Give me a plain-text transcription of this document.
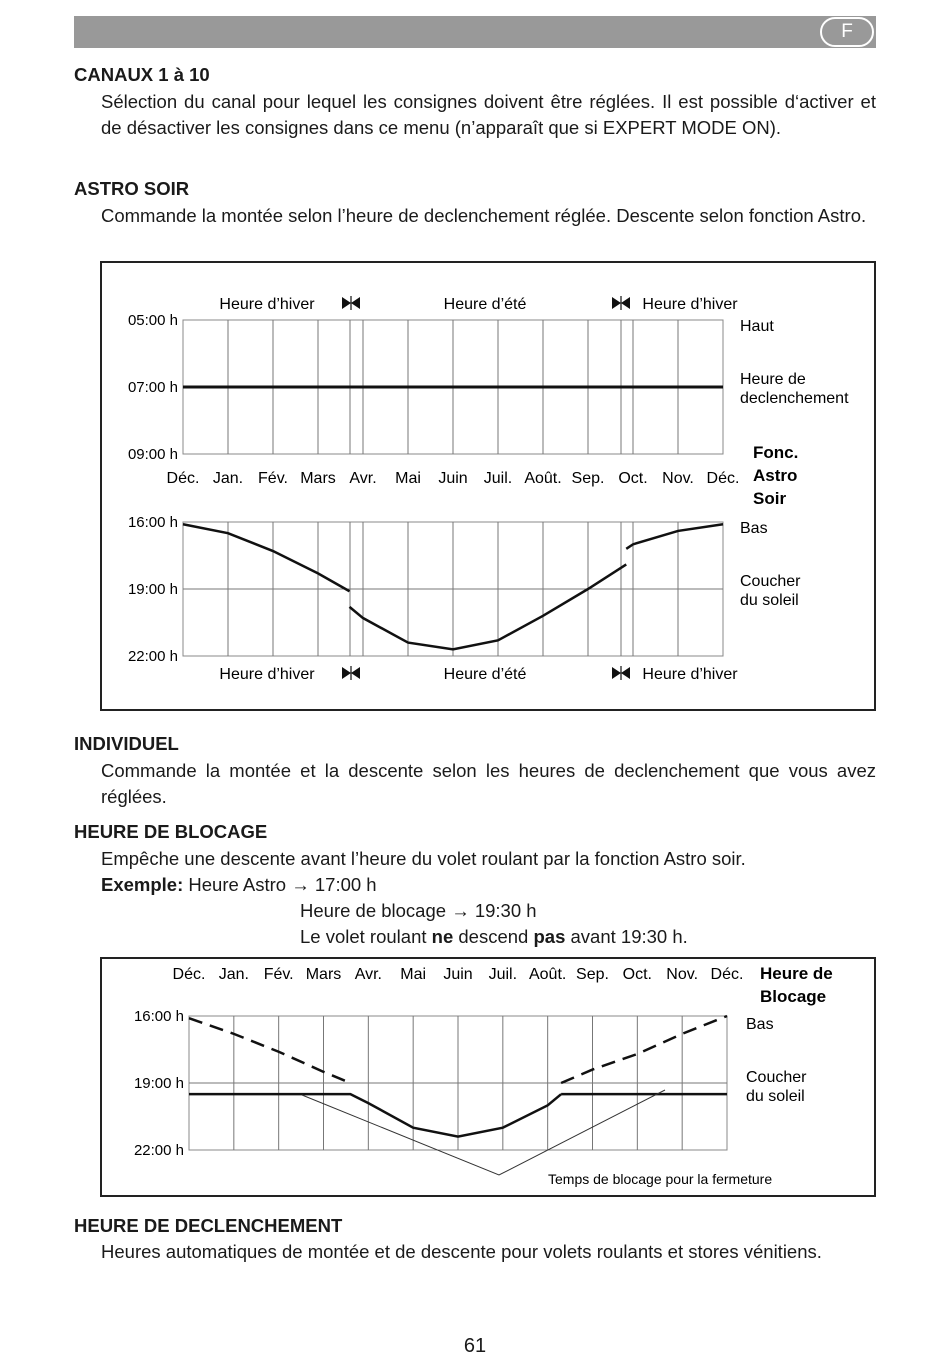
F

CANAUX 1 à 10

Sélection du canal pour lequel les consignes doivent être réglées. Il est possible d‘activer et de désactiver les consignes dans ce menu (n’apparaît que si EXPERT MODE ON).

ASTRO SOIR

Commande la montée selon l’heure de declenchement réglée. Descente selon fonction Astro.

Heure d’hiver	Heure d’été	Heure d’hiver
05:00 h
07:00 h
09:00 h
Haut
Heure de
declenchement
Déc. Jan. Fév. Mars Avr. Mai Juin Juil. Août. Sep. Oct. Nov. Déc.
Fonc.
Astro
Soir
16:00 h
19:00 h
22:00 h
Bas
Coucher
du soleil
Heure d’hiver	Heure d’été	Heure d’hiver

INDIVIDUEL

Commande la montée et la descente selon les heures de declenchement que vous avez réglées.

HEURE DE BLOCAGE

Empêche une descente avant l’heure du volet roulant par la fonction Astro soir.

Exemple: Heure Astro → 17:00 h

Heure de blocage → 19:30 h

Le volet roulant ne descend pas avant 19:30 h.

Déc. Jan. Fév. Mars Avr. Mai Juin Juil. Août. Sep. Oct. Nov. Déc. Heure de
Blocage
16:00 h
19:00 h
22:00 h
Temps de blocage pour la fermeture
Bas
Coucher
du soleil

HEURE DE DECLENCHEMENT

Heures automatiques de montée et de descente pour volets roulants et stores vénitiens.

61
